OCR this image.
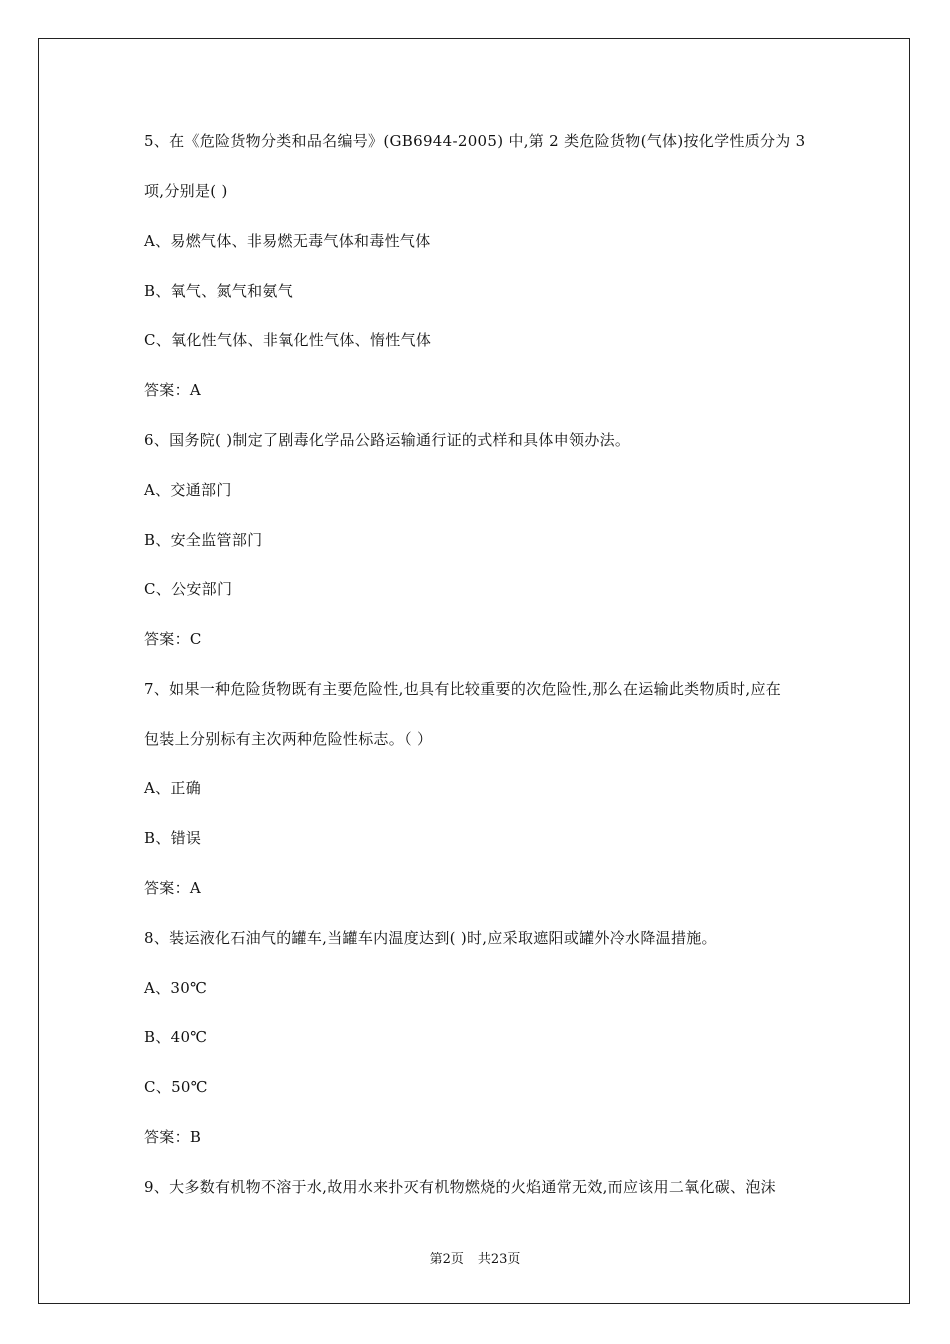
5、在《危险货物分类和品名编号》(GB6944-2005) 中,第 2 类危险货物(气体)按化学性质分为 3
项,分别是( )
A、易燃气体、非易燃无毒气体和毒性气体
B、氧气、氮气和氨气
C、氧化性气体、非氧化性气体、惰性气体
答案：A
6、国务院( )制定了剧毒化学品公路运输通行证的式样和具体申领办法。
A、交通部门
B、安全监管部门
C、公安部门
答案：C
7、如果一种危险货物既有主要危险性,也具有比较重要的次危险性,那么在运输此类物质时,应在
包装上分别标有主次两种危险性标志。（ ）
A、正确
B、错误
答案：A
8、装运液化石油气的罐车,当罐车内温度达到( )时,应采取遮阳或罐外冷水降温措施。
A、30℃
B、40℃
C、50℃
答案：B
9、大多数有机物不溶于水,故用水来扑灭有机物燃烧的火焰通常无效,而应该用二氧化碳、泡沫
第2页 共23页
